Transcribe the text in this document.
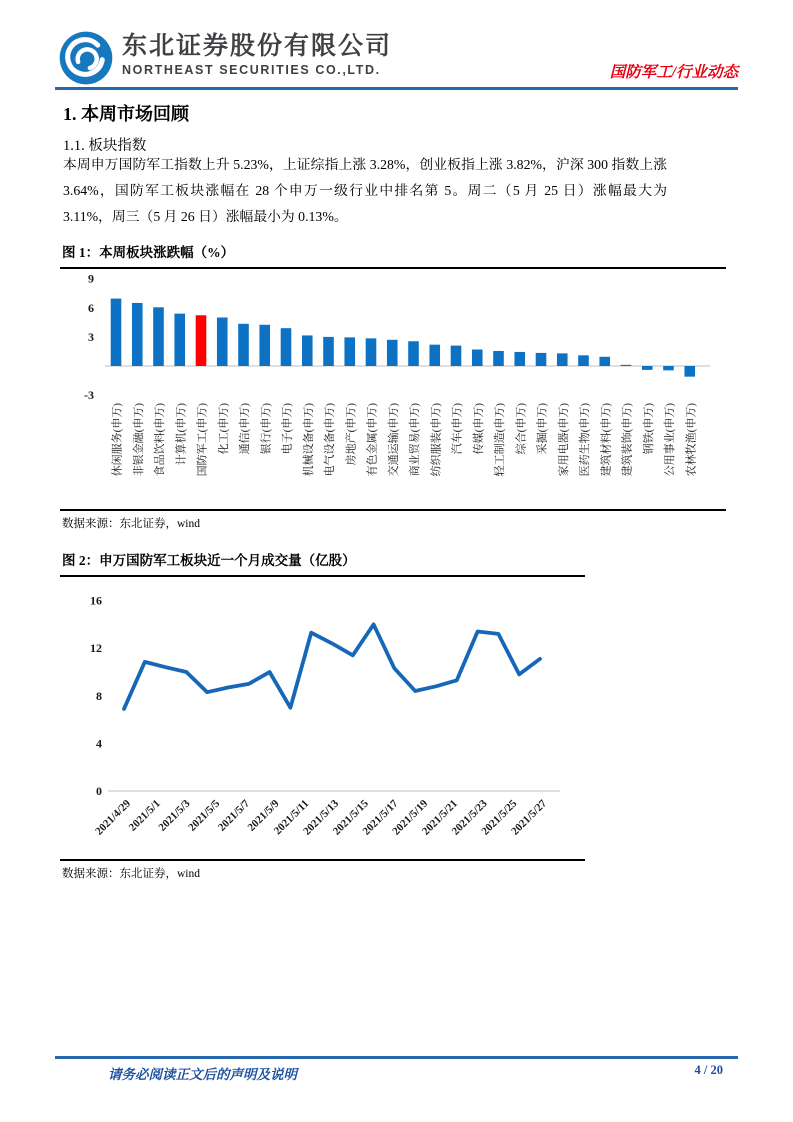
东北证券股份有限公司
NORTHEAST SECURITIES CO.,LTD.	国防军工/行业动态
1. 本周市场回顾
1.1. 板块指数
本周申万国防军工指数上升 5.23%，上证综指上涨 3.28%，创业板指上涨 3.82%，沪深 300 指数上涨 3.64%，国防军工板块涨幅在 28 个申万一级行业中排名第 5。周二（5 月 25 日）涨幅最大为 3.11%，周三（5 月 26 日）涨幅最小为 0.13%。
图 1：本周板块涨跌幅（%）
9
6
3
-3
休闲服务(申万) 非银金融(申万) 食品饮料(申万) 计算机(申万) 国防军工(申万) 化工(申万) 通信(申万) 银行(申万) 电子(申万) 机械设备(申万) 电气设备(申万) 房地产(申万) 有色金属(申万) 交通运输(申万) 商业贸易(申万) 纺织服装(申万) 汽车(申万) 传媒(申万) 轻工制造(申万) 综合(申万) 采掘(申万) 家用电器(申万) 医药生物(申万) 建筑材料(申万) 建筑装饰(申万) 钢铁(申万) 公用事业(申万) 农林牧渔(申万)
数据来源：东北证券，wind
图 2：申万国防军工板块近一个月成交量（亿股）
16
12
8
4
0
2021/4/29
2021/5/1
2021/5/3
2021/5/5
2021/5/7
2021/5/9
2021/5/11
2021/5/13
2021/5/15
2021/5/17
2021/5/19
2021/5/21
2021/5/23
2021/5/25
2021/5/27
数据来源：东北证券，wind
请务必阅读正文后的声明及说明	4 / 20
